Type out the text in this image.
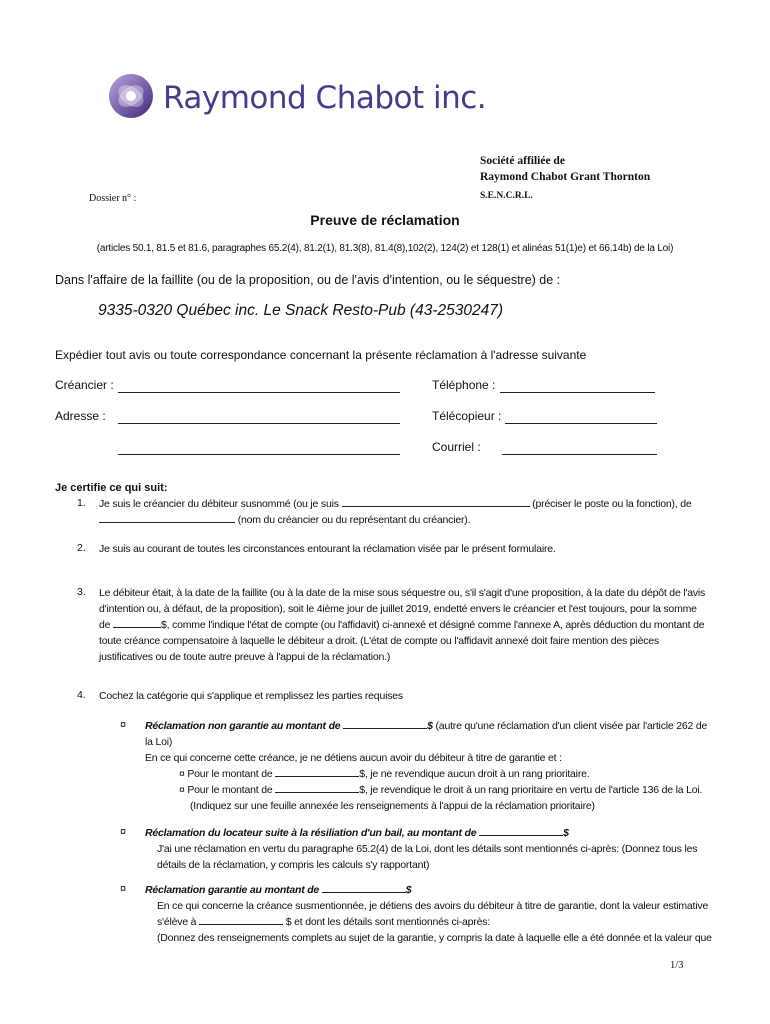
Raymond Chabot inc.
Société affiliée de
Raymond Chabot Grant Thornton
S.E.N.C.R.L.
Dossier n° :
Preuve de réclamation
(articles 50.1, 81.5 et 81.6, paragraphes 65.2(4), 81.2(1), 81.3(8), 81.4(8),102(2), 124(2) et 128(1) et alinéas 51(1)e) et 66.14b) de la Loi)
Dans l'affaire de la faillite (ou de la proposition, ou de l'avis d'intention, ou le séquestre) de :
9335-0320 Québec inc. Le Snack Resto-Pub (43-2530247)
Expédier tout avis ou toute correspondance concernant la présente réclamation à l'adresse suivante
Créancier :	Téléphone :
Adresse :	Télécopieur :
Courriel :
Je certifie ce qui suit:
1. Je suis le créancier du débiteur susnommé (ou je suis	(préciser le poste ou la fonction), de
(nom du créancier ou du représentant du créancier).
2. Je suis au courant de toutes les circonstances entourant la réclamation visée par le présent formulaire.
3. Le débiteur était, à la date de la faillite (ou à la date de la mise sous séquestre ou, s'il s'agit d'une proposition, à la date du dépôt de l'avis
d'intention ou, à défaut, de la proposition), soit le 4ième jour de juillet 2019, endetté envers le créancier et l'est toujours, pour la somme
de	$, comme l'indique l'état de compte (ou l'affidavit) ci-annexé et désigné comme l'annexe A, après déduction du montant de
toute créance compensatoire à laquelle le débiteur a droit. (L'état de compte ou l'affidavit annexé doit faire mention des pièces
justificatives ou de toute autre preuve à l'appui de la réclamation.)
4. Cochez la catégorie qui s'applique et remplissez les parties requises
¤ Réclamation non garantie au montant de	$ (autre qu'une réclamation d'un client visée par l'article 262 de
la Loi)
En ce qui concerne cette créance, je ne détiens aucun avoir du débiteur à titre de garantie et :
¤ Pour le montant de	$, je ne revendique aucun droit à un rang prioritaire.
¤ Pour le montant de	$, je revendique le droit à un rang prioritaire en vertu de l'article 136 de la Loi.
(Indiquez sur une feuille annexée les renseignements à l'appui de la réclamation prioritaire)
¤ Réclamation du locateur suite à la résiliation d'un bail, au montant de	$
J'ai une réclamation en vertu du paragraphe 65.2(4) de la Loi, dont les détails sont mentionnés ci-après: (Donnez tous les
détails de la réclamation, y compris les calculs s'y rapportant)
¤ Réclamation garantie au montant de	$
En ce qui concerne la créance susmentionnée, je détiens des avoirs du débiteur à titre de garantie, dont la valeur estimative
s'élève à	$ et dont les détails sont mentionnés ci-après:
(Donnez des renseignements complets au sujet de la garantie, y compris la date à laquelle elle a été donnée et la valeur que
1/3
